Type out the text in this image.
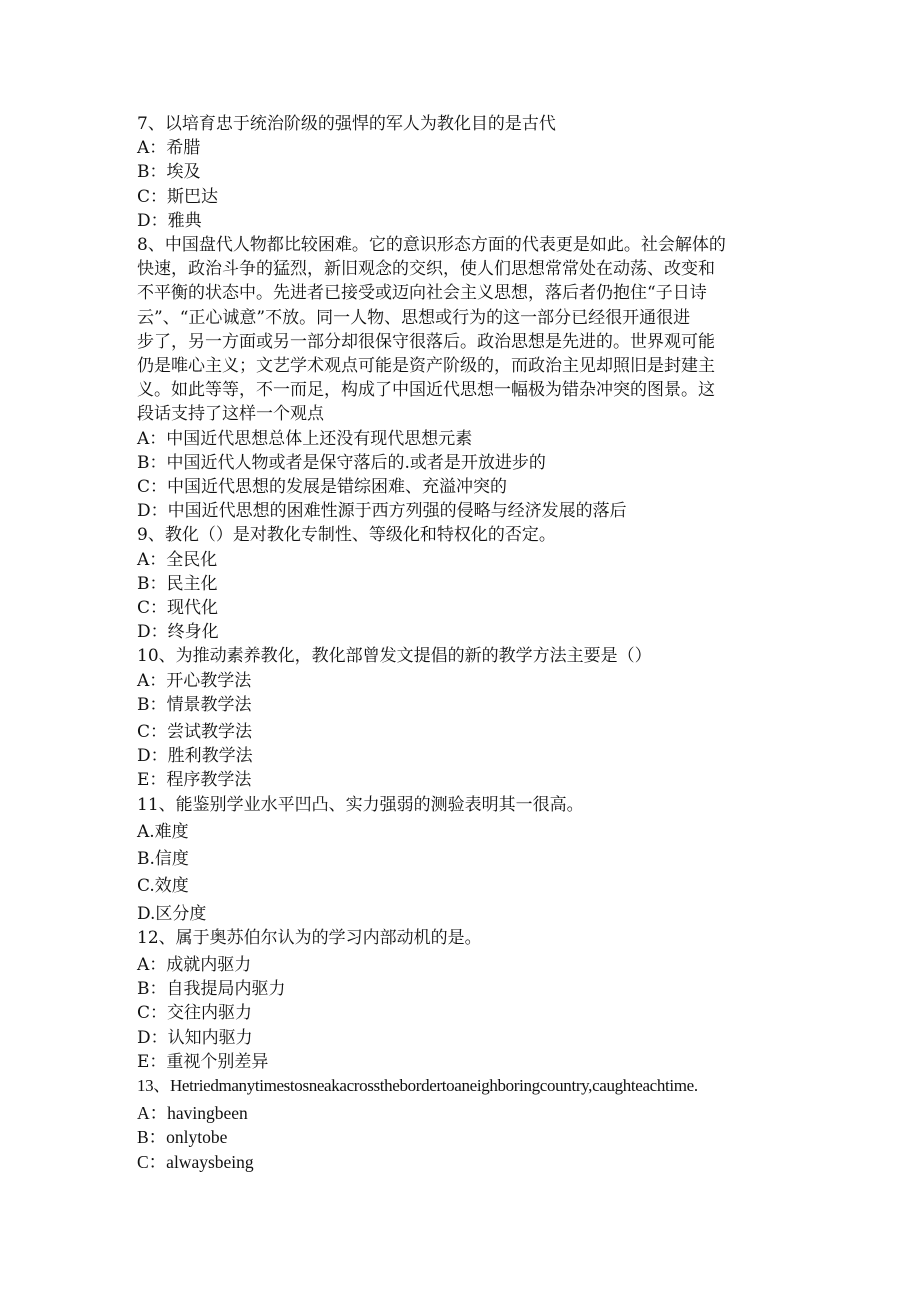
7、以培育忠于统治阶级的强悍的军人为教化目的是古代
A：希腊
B：埃及
C：斯巴达
D：雅典
8、中国盘代人物都比较困难。它的意识形态方面的代表更是如此。社会解体的
快速，政治斗争的猛烈，新旧观念的交织，使人们思想常常处在动荡、改变和
不平衡的状态中。先进者已接受或迈向社会主义思想，落后者仍抱住“子日诗
云”、“正心诚意”不放。同一人物、思想或行为的这一部分已经很开通很进
步了，另一方面或另一部分却很保守很落后。政治思想是先进的。世界观可能
仍是唯心主义；文艺学术观点可能是资产阶级的，而政治主见却照旧是封建主
义。如此等等，不一而足，构成了中国近代思想一幅极为错杂冲突的图景。这
段话支持了这样一个观点
A：中国近代思想总体上还没有现代思想元素
B：中国近代人物或者是保守落后的.或者是开放进步的
C：中国近代思想的发展是错综困难、充溢冲突的
D：中国近代思想的困难性源于西方列强的侵略与经济发展的落后
9、教化（）是对教化专制性、等级化和特权化的否定。
A：全民化
B：民主化
C：现代化
D：终身化
10、为推动素养教化，教化部曾发文提倡的新的教学方法主要是（）
A：开心教学法
B：情景教学法
C：尝试教学法
D：胜利教学法
E：程序教学法
11、能鉴别学业水平凹凸、实力强弱的测验表明其一很高。
A.难度
B.信度
C.效度
D.区分度
12、属于奥苏伯尔认为的学习内部动机的是。
A：成就内驱力
B：自我提局内驱力
C：交往内驱力
D：认知内驱力
E：重视个别差异
13、Hetriedmanytimestosneakacrossthebordertoaneighboringcountry,caughteachtime.
A：havingbeen
B：onlytobe
C：alwaysbeing
